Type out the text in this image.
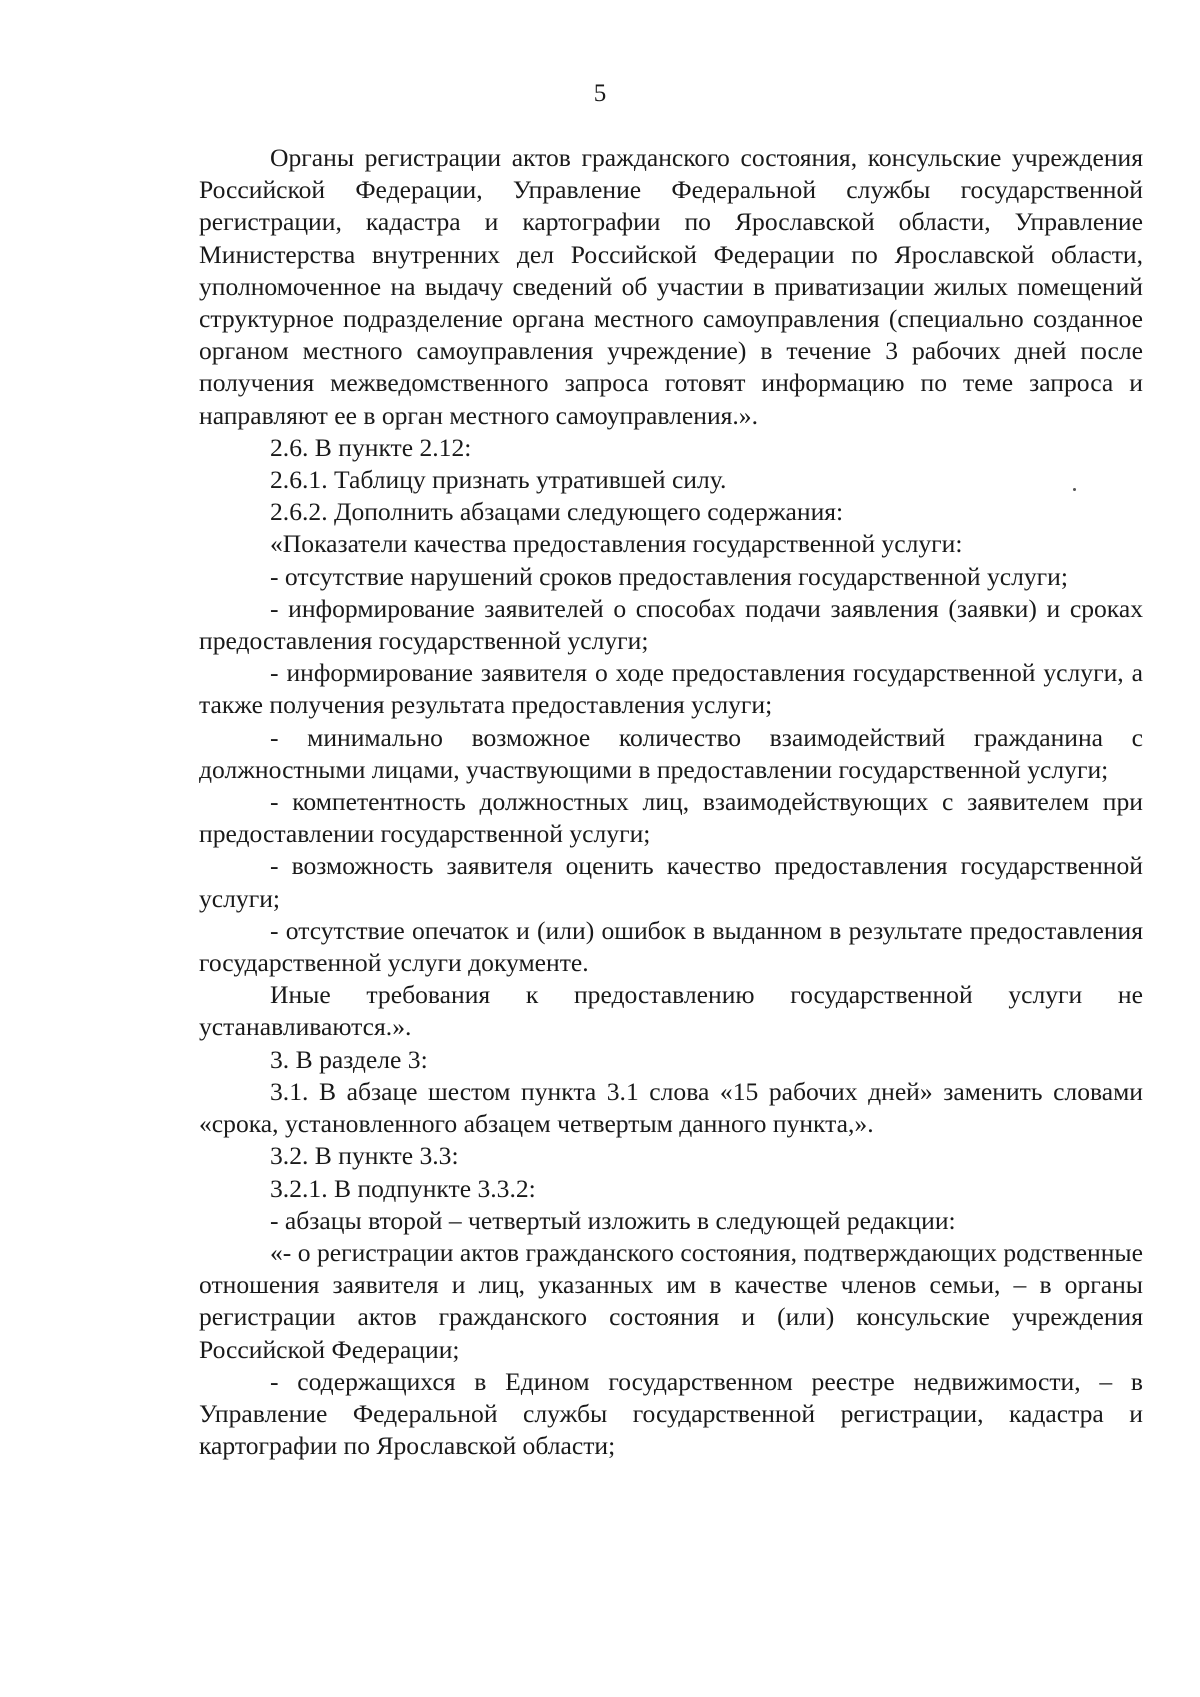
5

Органы регистрации актов гражданского состояния, консульские учреждения Российской Федерации, Управление Федеральной службы государственной регистрации, кадастра и картографии по Ярославской области, Управление Министерства внутренних дел Российской Федерации по Ярославской области, уполномоченное на выдачу сведений об участии в приватизации жилых помещений структурное подразделение органа местного самоуправления (специально созданное органом местного самоуправления учреждение) в течение 3 рабочих дней после получения межведомственного запроса готовят информацию по теме запроса и направляют ее в орган местного самоуправления.».

2.6. В пункте 2.12:

2.6.1. Таблицу признать утратившей силу.

2.6.2. Дополнить абзацами следующего содержания:

«Показатели качества предоставления государственной услуги:

- отсутствие нарушений сроков предоставления государственной услуги;

- информирование заявителей о способах подачи заявления (заявки) и сроках предоставления государственной услуги;

- информирование заявителя о ходе предоставления государственной услуги, а также получения результата предоставления услуги;

- минимально возможное количество взаимодействий гражданина с должностными лицами, участвующими в предоставлении государственной услуги;

- компетентность должностных лиц, взаимодействующих с заявителем при предоставлении государственной услуги;

- возможность заявителя оценить качество предоставления государственной услуги;

- отсутствие опечаток и (или) ошибок в выданном в результате предоставления государственной услуги документе.

Иные требования к предоставлению государственной услуги не устанавливаются.».

3. В разделе 3:

3.1. В абзаце шестом пункта 3.1 слова «15 рабочих дней» заменить словами «срока, установленного абзацем четвертым данного пункта,».

3.2. В пункте 3.3:

3.2.1. В подпункте 3.3.2:

- абзацы второй – четвертый изложить в следующей редакции:

«- о регистрации актов гражданского состояния, подтверждающих родственные отношения заявителя и лиц, указанных им в качестве членов семьи, – в органы регистрации актов гражданского состояния и (или) консульские учреждения Российской Федерации;

- содержащихся в Едином государственном реестре недвижимости, – в Управление Федеральной службы государственной регистрации, кадастра и картографии по Ярославской области;
